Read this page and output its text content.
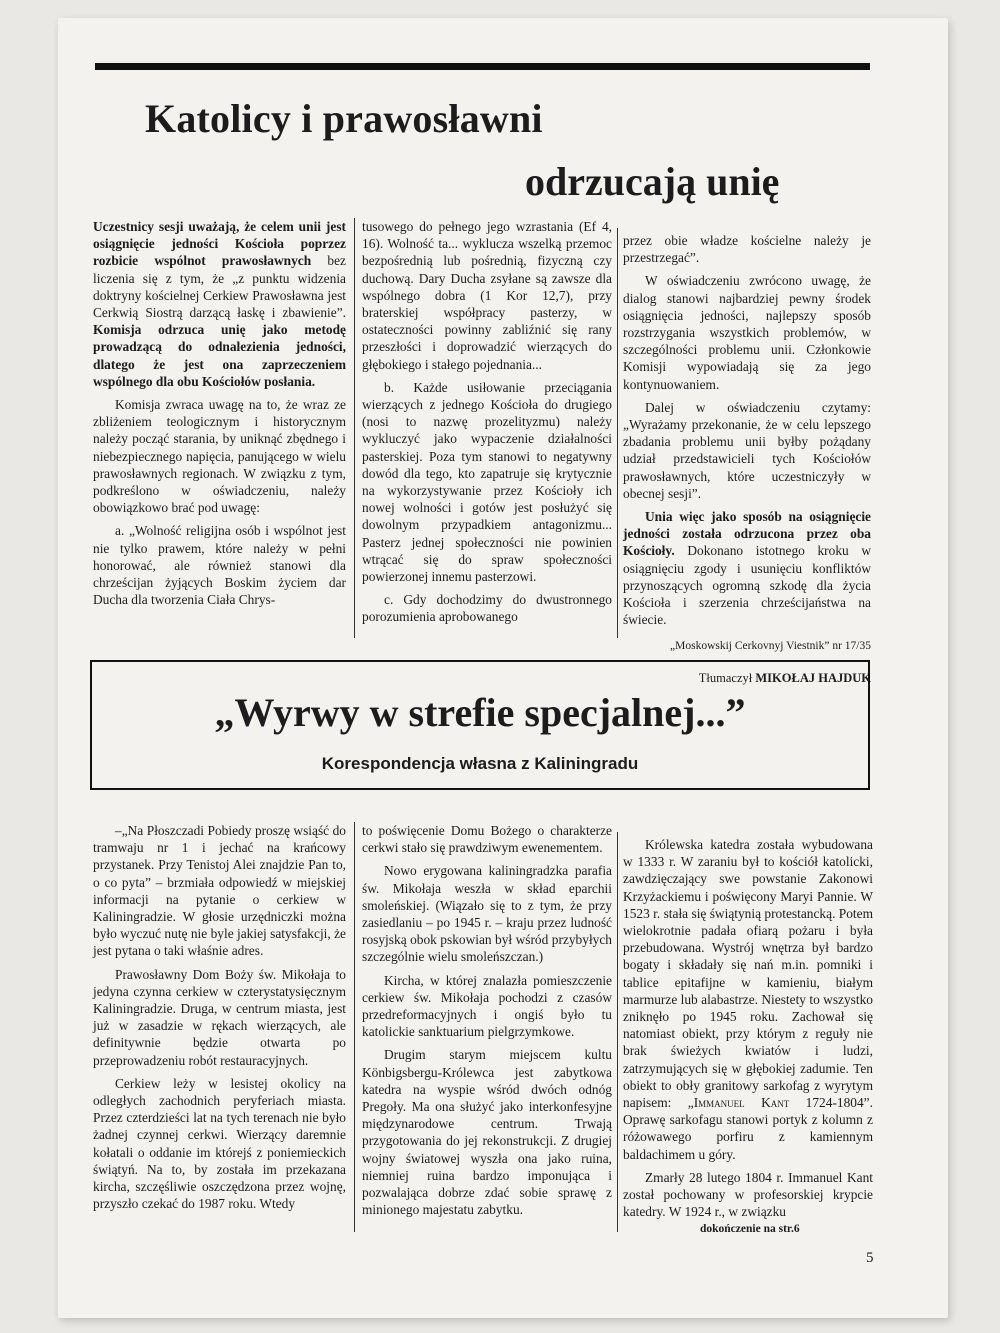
Katolicy i prawosławni
odrzucają unię

Uczestnicy sesji uważają, że celem unii jest osiągnięcie jedności Kościoła poprzez rozbicie wspólnot prawosławnych bez liczenia się z tym, że „z punktu widzenia doktryny kościelnej Cerkiew Prawosławna jest Cerkwią Siostrą darzącą łaskę i zbawienie”. Komisja odrzuca unię jako metodę prowadzącą do odnalezienia jedności, dlatego że jest ona zaprzeczeniem wspólnego dla obu Kościołów posłania.

Komisja zwraca uwagę na to, że wraz ze zbliżeniem teologicznym i historycznym należy począć starania, by uniknąć zbędnego i niebezpiecznego napięcia, panującego w wielu prawosławnych regionach. W związku z tym, podkreślono w oświadczeniu, należy obowiązkowo brać pod uwagę:

a. „Wolność religijna osób i wspólnot jest nie tylko prawem, które należy w pełni honorować, ale również stanowi dla chrześcijan żyjących Boskim życiem dar Ducha dla tworzenia Ciała Chrys-

tusowego do pełnego jego wzrastania (Ef 4, 16). Wolność ta... wyklucza wszelką przemoc bezpośrednią lub pośrednią, fizyczną czy duchową. Dary Ducha zsyłane są zawsze dla wspólnego dobra (1 Kor 12,7), przy braterskiej współpracy pasterzy, w ostateczności powinny zabliźnić się rany przeszłości i doprowadzić wierzących do głębokiego i stałego pojednania...

b. Każde usiłowanie przeciągania wierzących z jednego Kościoła do drugiego (nosi to nazwę prozelityzmu) należy wykluczyć jako wypaczenie działalności pasterskiej. Poza tym stanowi to negatywny dowód dla tego, kto zapatruje się krytycznie na wykorzystywanie przez Kościoły ich nowej wolności i gotów jest posłużyć się dowolnym przypadkiem antagonizmu... Pasterz jednej społeczności nie powinien wtrącać się do spraw społeczności powierzonej innemu pasterzowi.

c. Gdy dochodzimy do dwustronnego porozumienia aprobowanego

przez obie władze kościelne należy je przestrzegać”.

W oświadczeniu zwrócono uwagę, że dialog stanowi najbardziej pewny środek osiągnięcia jedności, najlepszy sposób rozstrzygania wszystkich problemów, w szczególności problemu unii. Członkowie Komisji wypowiadają się za jego kontynuowaniem.

Dalej w oświadczeniu czytamy: „Wyrażamy przekonanie, że w celu lepszego zbadania problemu unii byłby pożądany udział przedstawicieli tych Kościołów prawosławnych, które uczestniczyły w obecnej sesji”.

Unia więc jako sposób na osiągnięcie jedności została odrzucona przez oba Kościoły. Dokonano istotnego kroku w osiągnięciu zgody i usunięciu konfliktów przynoszących ogromną szkodę dla życia Kościoła i szerzenia chrześcijaństwa na świecie.

„Moskowskij Cerkovnyj Viestnik” nr 17/35
Tłumaczył MIKOŁAJ HAJDUK
„Wyrwy w strefie specjalnej...”
Korespondencja własna z Kaliningradu

–„Na Płoszczadi Pobiedy proszę wsiąść do tramwaju nr 1 i jechać na krańcowy przystanek. Przy Tenistoj Alei znajdzie Pan to, o co pyta” – brzmiała odpowiedź w miejskiej informacji na pytanie o cerkiew w Kaliningradzie. W głosie urzędniczki można było wyczuć nutę nie byle jakiej satysfakcji, że jest pytana o taki właśnie adres.

Prawosławny Dom Boży św. Mikołaja to jedyna czynna cerkiew w czterystatysięcznym Kaliningradzie. Druga, w centrum miasta, jest już w zasadzie w rękach wierzących, ale definitywnie będzie otwarta po przeprowadzeniu robót restauracyjnych.

Cerkiew leży w lesistej okolicy na odległych zachodnich peryferiach miasta. Przez czterdzieści lat na tych terenach nie było żadnej czynnej cerkwi. Wierzący daremnie kołatali o oddanie im którejś z poniemieckich świątyń. Na to, by została im przekazana kircha, szczęśliwie oszczędzona przez wojnę, przyszło czekać do 1987 roku. Wtedy

to poświęcenie Domu Bożego o charakterze cerkwi stało się prawdziwym ewenementem.

Nowo erygowana kaliningradzka parafia św. Mikołaja weszła w skład eparchii smoleńskiej. (Wiązało się to z tym, że przy zasiedlaniu – po 1945 r. – kraju przez ludność rosyjską obok pskowian był wśród przybyłych szczególnie wielu smoleńszczan.)

Kircha, w której znalazła pomieszczenie cerkiew św. Mikołaja pochodzi z czasów przedreformacyjnych i ongiś było tu katolickie sanktuarium pielgrzymkowe.

Drugim starym miejscem kultu Könbigsbergu-Królewca jest zabytkowa katedra na wyspie wśród dwóch odnóg Pregoły. Ma ona służyć jako interkonfesyjne międzynarodowe centrum. Trwają przygotowania do jej rekonstrukcji. Z drugiej wojny światowej wyszła ona jako ruina, niemniej ruina bardzo imponująca i pozwalająca dobrze zdać sobie sprawę z minionego majestatu zabytku.

Królewska katedra została wybudowana w 1333 r. W zaraniu był to kościół katolicki, zawdzięczający swe powstanie Zakonowi Krzyżackiemu i poświęcony Maryi Pannie. W 1523 r. stała się świątynią protestancką. Potem wielokrotnie padała ofiarą pożaru i była przebudowana. Wystrój wnętrza był bardzo bogaty i składały się nań m.in. pomniki i tablice epitafijne w kamieniu, białym marmurze lub alabastrze. Niestety to wszystko zniknęło po 1945 roku. Zachował się natomiast obiekt, przy którym z reguły nie brak świeżych kwiatów i ludzi, zatrzymujących się w głębokiej zadumie. Ten obiekt to obły granitowy sarkofag z wyrytym napisem: „Immanuel Kant 1724-1804”. Oprawę sarkofagu stanowi portyk z kolumn z różowawego porfiru z kamiennym baldachimem u góry.

Zmarły 28 lutego 1804 r. Immanuel Kant został pochowany w profesorskiej krypcie katedry. W 1924 r., w związku

dokończenie na str.6
5
